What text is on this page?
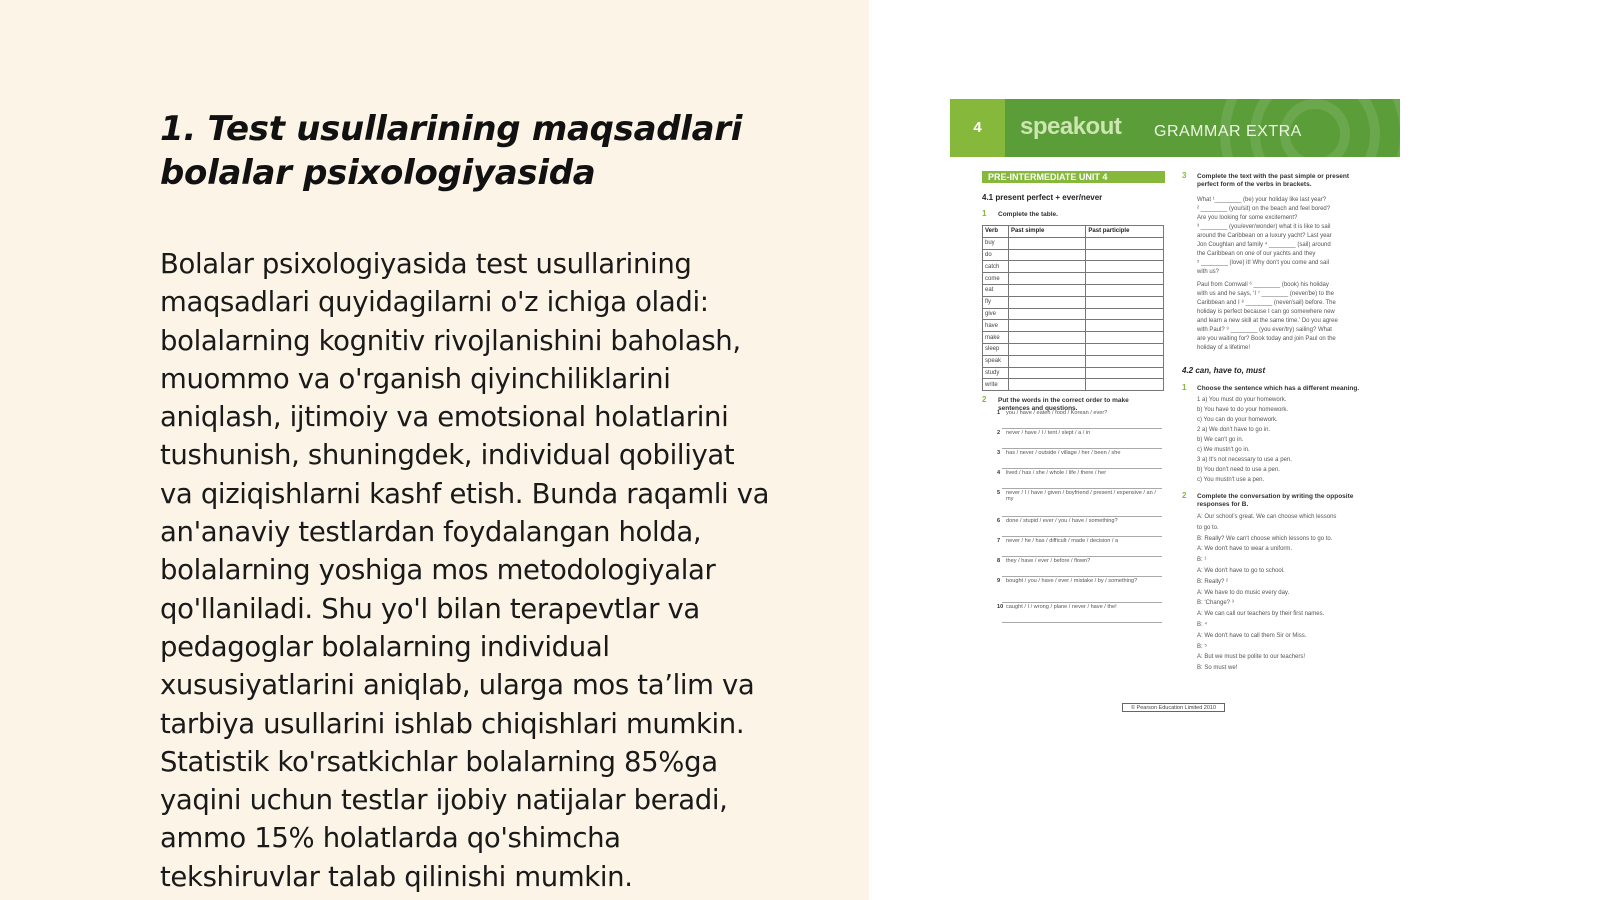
1. Test usullarining maqsadlari
bolalar psixologiyasida

Bolalar psixologiyasida test usullarining
maqsadlari quyidagilarni o'z ichiga oladi:
bolalarning kognitiv rivojlanishini baholash,
muommo va o'rganish qiyinchiliklarini
aniqlash, ijtimoiy va emotsional holatlarini
tushunish, shuningdek, individual qobiliyat
va qiziqishlarni kashf etish. Bunda raqamli va
an'anaviy testlardan foydalangan holda,
bolalarning yoshiga mos metodologiyalar
qo'llaniladi. Shu yo'l bilan terapevtlar va
pedagoglar bolalarning individual
xususiyatlarini aniqlab, ularga mos ta’lim va
tarbiya usullarini ishlab chiqishlari mumkin.
Statistik ko'rsatkichlar bolalarning 85%ga
yaqini uchun testlar ijobiy natijalar beradi,
ammo 15% holatlarda qo'shimcha
tekshiruvlar talab qilinishi mumkin.

4	speakout GRAMMAR EXTRA
PRE-INTERMEDIATE UNIT 4
4.1 present perfect + ever/never
1 Complete the table.
Verb	Past simple	Past participle
buy		
do		
catch		
come		
eat		
fly		
give		
have		
make		
sleep		
speak		
study		
write		
2 Put the words in the correct order to make sentences and questions.
1 you / have / eaten / food / Korean / ever?
2 never / have / I / tent / slept / a / in
3 has / never / outside / village / her / been / she
4 lived / has / she / whole / life / there / her
5 never / I / have / given / boyfriend / present / expensive / an / my
6 done / stupid / ever / you / have / something?
7 never / he / has / difficult / made / decision / a
8 they / have / ever / before / flown?
9 bought / you / have / ever / mistake / by / something?
10 caught / I / wrong / plane / never / have / the!
3 Complete the text with the past simple or present perfect form of the verbs in brackets.
What ¹________ (be) your holiday like last year?
² ________ (you/sit) on the beach and feel bored?
Are you looking for some excitement?
³ ________ (you/ever/wonder) what it is like to sail
around the Caribbean on a luxury yacht? Last year
Jon Coughlan and family ⁴ ________ (sail) around
the Caribbean on one of our yachts and they
⁵ ________ (love) it! Why don't you come and sail
with us?
Paul from Cornwall ⁶ ________ (book) his holiday
with us and he says, ‘I ⁷ ________ (never/be) to the
Caribbean and I ⁸ ________ (never/sail) before. The
holiday is perfect because I can go somewhere new
and learn a new skill at the same time.’ Do you agree
with Paul? ⁹ ________ (you ever/try) sailing? What
are you waiting for? Book today and join Paul on the
holiday of a lifetime!
4.2 can, have to, must
1 Choose the sentence which has a different meaning.
1 a) You must do your homework.
b) You have to do your homework.
c) You can do your homework.
2 a) We don't have to go in.
b) We can't go in.
c) We mustn't go in.
3 a) It's not necessary to use a pen.
b) You don't need to use a pen.
c) You mustn't use a pen.
2 Complete the conversation by writing the opposite responses for B.
A: Our school's great. We can choose which lessons
to go to.
B: Really? We can't choose which lessons to go to.
A: We don't have to wear a uniform.
B: ¹
A: We don't have to go to school.
B: Really? ²
A: We have to do music every day.
B: ‘Change? ³
A: We can call our teachers by their first names.
B: ⁴
A: We don't have to call them Sir or Miss.
B: ⁵
A: But we must be polite to our teachers!
B: So must we!
© Pearson Education Limited 2010
